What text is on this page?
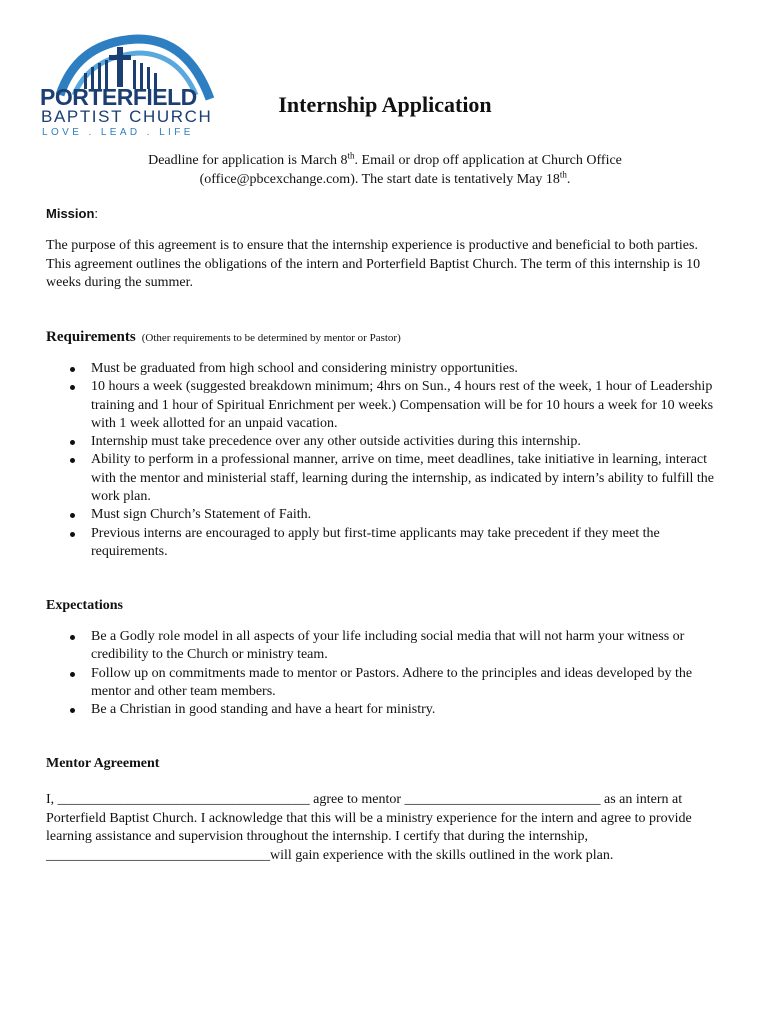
PORTERFIELD
BAPTIST CHURCH
LOVE . LEAD . LIFE
Internship Application
Deadline for application is March 8th. Email or drop off application at Church Office
(office@pbcexchange.com). The start date is tentatively May 18th.
Mission:
The purpose of this agreement is to ensure that the internship experience is productive and beneficial to both parties. This agreement outlines the obligations of the intern and Porterfield Baptist Church. The term of this internship is 10 weeks during the summer.
Requirements (Other requirements to be determined by mentor or Pastor)
Must be graduated from high school and considering ministry opportunities.
10 hours a week (suggested breakdown minimum; 4hrs on Sun., 4 hours rest of the week, 1 hour of Leadership training and 1 hour of Spiritual Enrichment per week.) Compensation will be for 10 hours a week for 10 weeks with 1 week allotted for an unpaid vacation.
Internship must take precedence over any other outside activities during this internship.
Ability to perform in a professional manner, arrive on time, meet deadlines, take initiative in learning, interact with the mentor and ministerial staff, learning during the internship, as indicated by intern’s ability to fulfill the work plan.
Must sign Church’s Statement of Faith.
Previous interns are encouraged to apply but first-time applicants may take precedent if they meet the requirements.
Expectations
Be a Godly role model in all aspects of your life including social media that will not harm your witness or credibility to the Church or ministry team.
Follow up on commitments made to mentor or Pastors. Adhere to the principles and ideas developed by the mentor and other team members.
Be a Christian in good standing and have a heart for ministry.
Mentor Agreement
I, ____________________________________ agree to mentor ____________________________ as an intern at Porterfield Baptist Church. I acknowledge that this will be a ministry experience for the intern and agree to provide learning assistance and supervision throughout the internship. I certify that during the internship, ________________________________will gain experience with the skills outlined in the work plan.
